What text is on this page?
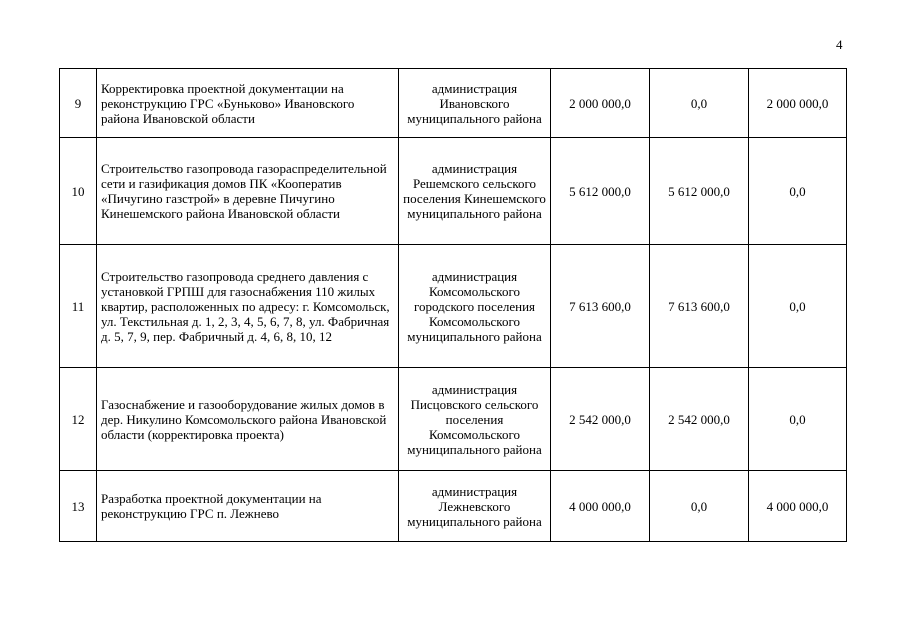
4
9	Корректировка проектной документации на реконструкцию ГРС «Буньково» Ивановского района Ивановской области	администрация Ивановского муниципального района	2 000 000,0	0,0	2 000 000,0
10	Строительство газопровода газораспределительной сети и газификация домов ПК «Кооператив «Пичугино газстрой» в деревне Пичугино Кинешемского района Ивановской области	администрация Решемского сельского поселения Кинешемского муниципального района	5 612 000,0	5 612 000,0	0,0
11	Строительство газопровода среднего давления с установкой ГРПШ для газоснабжения 110 жилых квартир, расположенных по адресу: г. Комсомольск, ул. Текстильная д. 1, 2, 3, 4, 5, 6, 7, 8, ул. Фабричная д. 5, 7, 9, пер. Фабричный д. 4, 6, 8, 10, 12	администрация Комсомольского городского поселения Комсомольского муниципального района	7 613 600,0	7 613 600,0	0,0
12	Газоснабжение и газооборудование жилых домов в дер. Никулино Комсомольского района Ивановской области (корректировка проекта)	администрация Писцовского сельского поселения Комсомольского муниципального района	2 542 000,0	2 542 000,0	0,0
13	Разработка проектной документации на реконструкцию ГРС п. Лежнево	администрация Лежневского муниципального района	4 000 000,0	0,0	4 000 000,0
